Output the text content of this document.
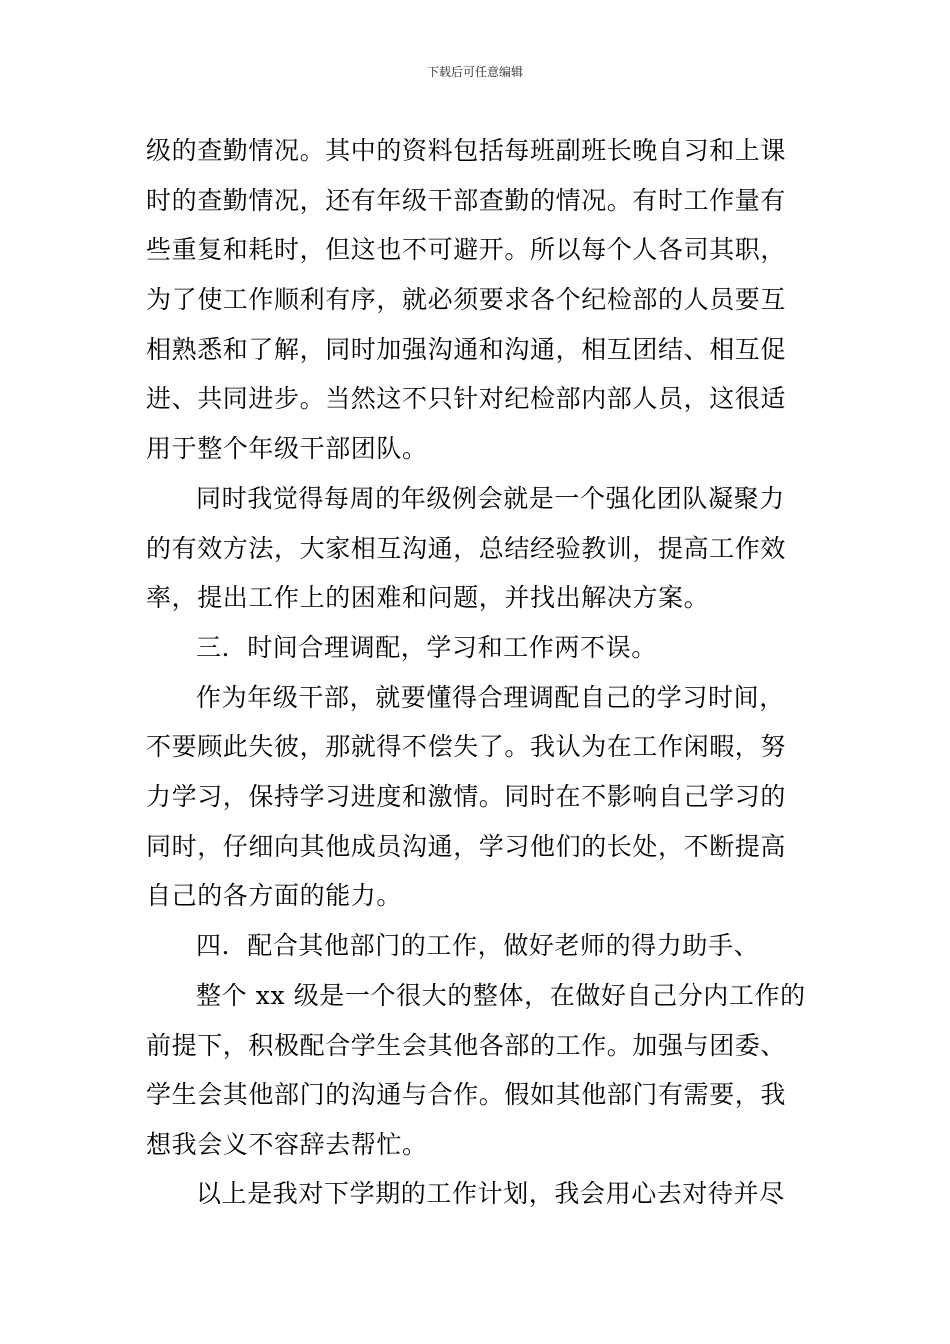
下载后可任意编辑
级的查勤情况。其中的资料包括每班副班长晚自习和上课
时的查勤情况，还有年级干部查勤的情况。有时工作量有
些重复和耗时，但这也不可避开。所以每个人各司其职，
为了使工作顺利有序，就必须要求各个纪检部的人员要互
相熟悉和了解，同时加强沟通和沟通，相互团结、相互促
进、共同进步。当然这不只针对纪检部内部人员，这很适
用于整个年级干部团队。
同时我觉得每周的年级例会就是一个强化团队凝聚力
的有效方法，大家相互沟通，总结经验教训，提高工作效
率，提出工作上的困难和问题，并找出解决方案。
三．时间合理调配，学习和工作两不误。
作为年级干部，就要懂得合理调配自己的学习时间，
不要顾此失彼，那就得不偿失了。我认为在工作闲暇，努
力学习，保持学习进度和激情。同时在不影响自己学习的
同时，仔细向其他成员沟通，学习他们的长处，不断提高
自己的各方面的能力。
四．配合其他部门的工作，做好老师的得力助手、
整个 xx 级是一个很大的整体，在做好自己分内工作的
前提下，积极配合学生会其他各部的工作。加强与团委、
学生会其他部门的沟通与合作。假如其他部门有需要，我
想我会义不容辞去帮忙。
以上是我对下学期的工作计划，我会用心去对待并尽
